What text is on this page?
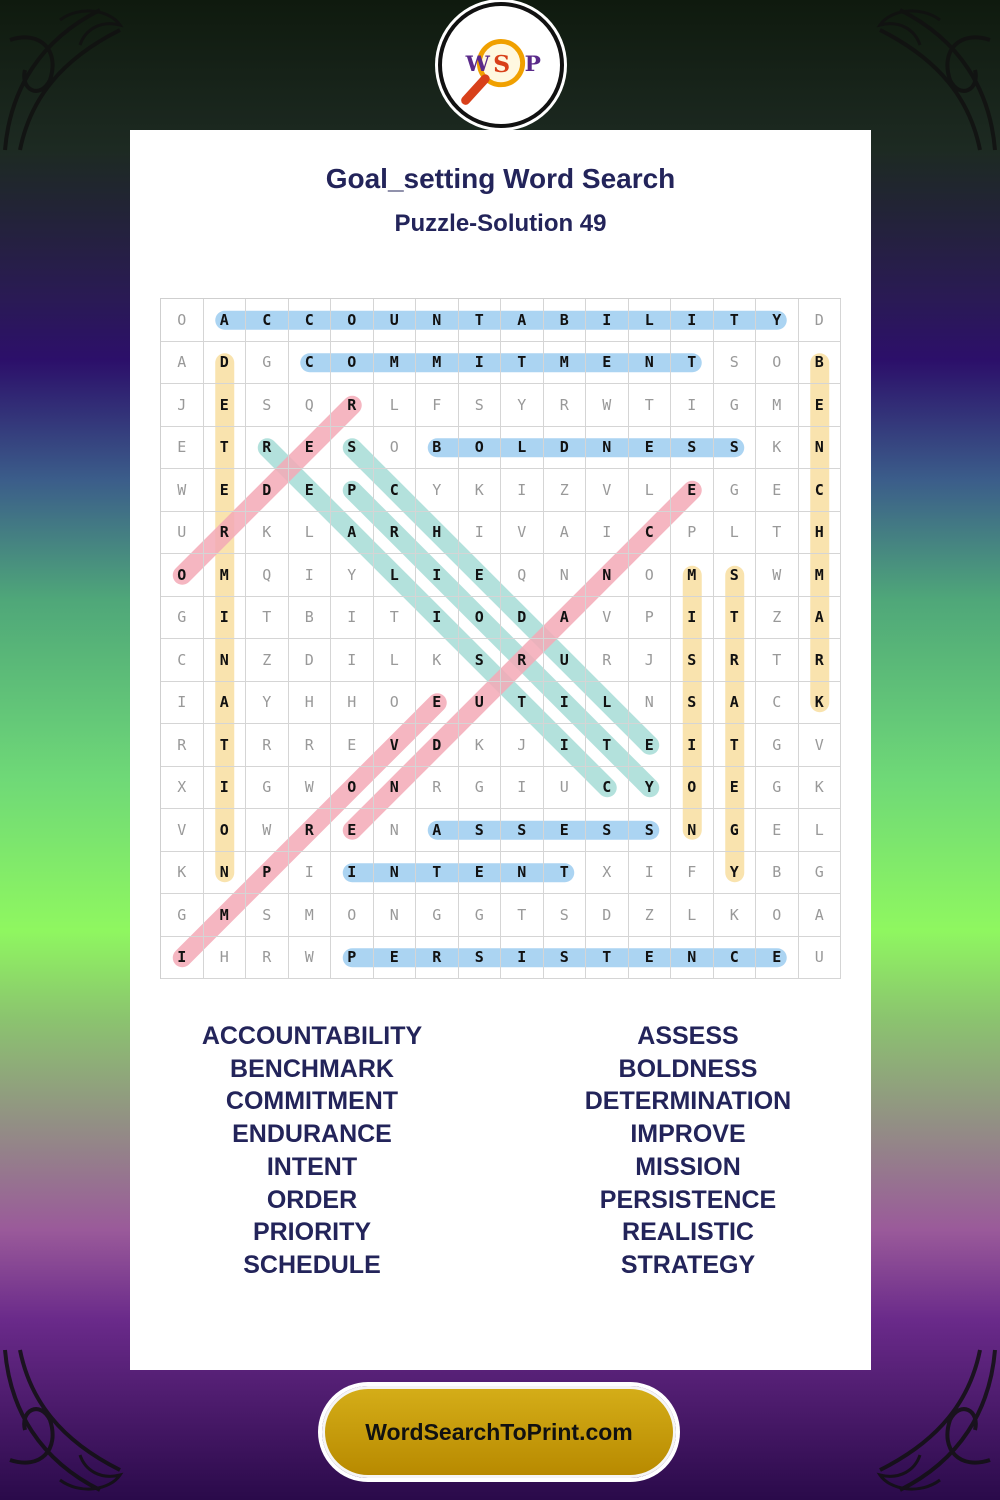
W S P
Goal_setting Word Search
Puzzle-Solution 49
O	A	C	C	O	U	N	T	A	B	I	L	I	T	Y	D
A	D	G	C	O	M	M	I	T	M	E	N	T	S	O	B
J	E	S	Q	R	L	F	S	Y	R	W	T	I	G	M	E
E	T	R	E	S	O	B	O	L	D	N	E	S	S	K	N
W	E	D	E	P	C	Y	K	I	Z	V	L	E	G	E	C
U	R	K	L	A	R	H	I	V	A	I	C	P	L	T	H
O	M	Q	I	Y	L	I	E	Q	N	N	O	M	S	W	M
G	I	T	B	I	T	I	O	D	A	V	P	I	T	Z	A
C	N	Z	D	I	L	K	S	R	U	R	J	S	R	T	R
I	A	Y	H	H	O	E	U	T	I	L	N	S	A	C	K
R	T	R	R	E	V	D	K	J	I	T	E	I	T	G	V
X	I	G	W	O	N	R	G	I	U	C	Y	O	E	G	K
V	O	W	R	E	N	A	S	S	E	S	S	N	G	E	L
K	N	P	I	I	N	T	E	N	T	X	I	F	Y	B	G
G	M	S	M	O	N	G	G	T	S	D	Z	L	K	O	A
I	H	R	W	P	E	R	S	I	S	T	E	N	C	E	U
ACCOUNTABILITY
BENCHMARK
COMMITMENT
ENDURANCE
INTENT
ORDER
PRIORITY
SCHEDULE
ASSESS
BOLDNESS
DETERMINATION
IMPROVE
MISSION
PERSISTENCE
REALISTIC
STRATEGY
WordSearchToPrint.com
